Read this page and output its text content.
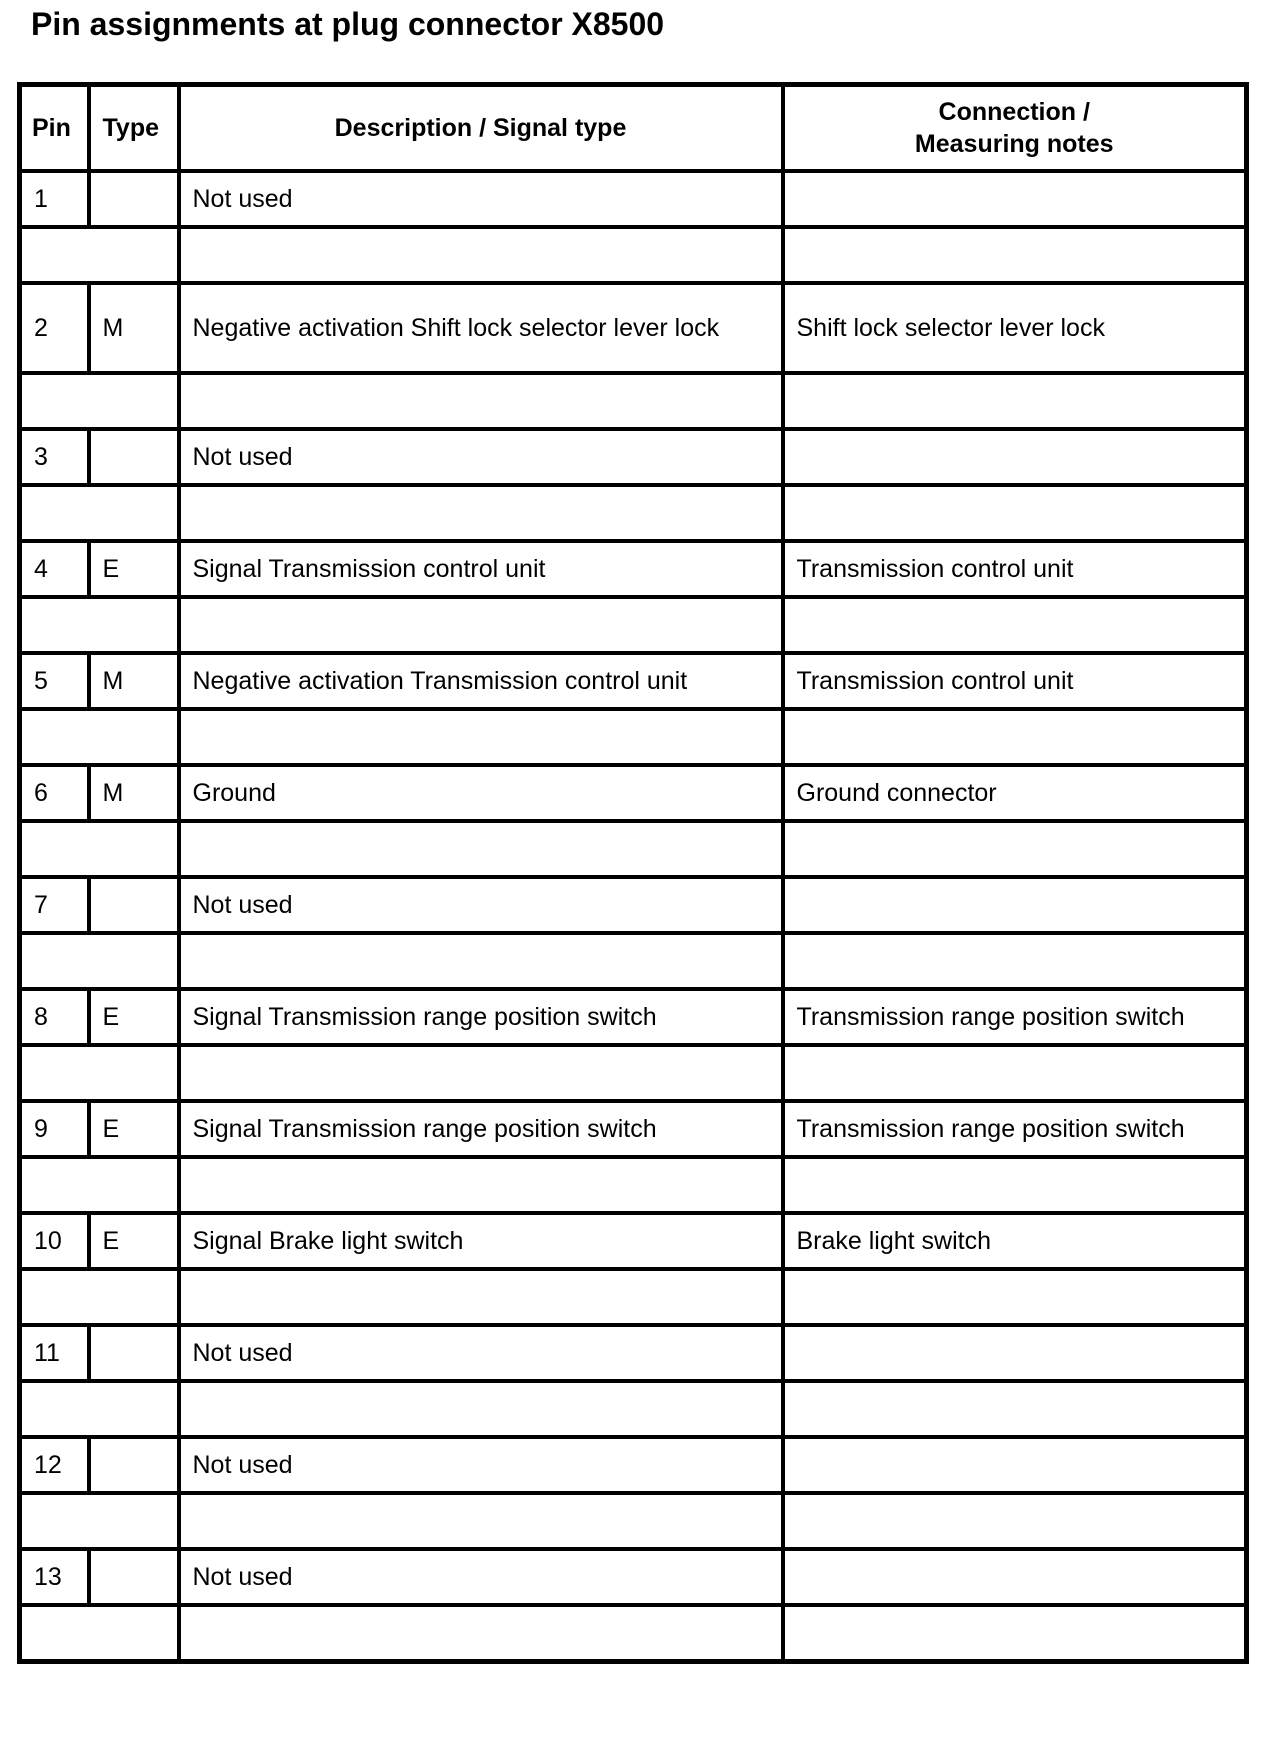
Pin assignments at plug connector X8500
Pin	Type	Description / Signal type	Connection /
Measuring notes
1		Not used	

2	M	Negative activation Shift lock selector lever lock	Shift lock selector lever lock

3		Not used	

4	E	Signal Transmission control unit	Transmission control unit

5	M	Negative activation Transmission control unit	Transmission control unit

6	M	Ground	Ground connector

7		Not used	

8	E	Signal Transmission range position switch	Transmission range position switch

9	E	Signal Transmission range position switch	Transmission range position switch

10	E	Signal Brake light switch	Brake light switch

11		Not used	

12		Not used	

13		Not used	
